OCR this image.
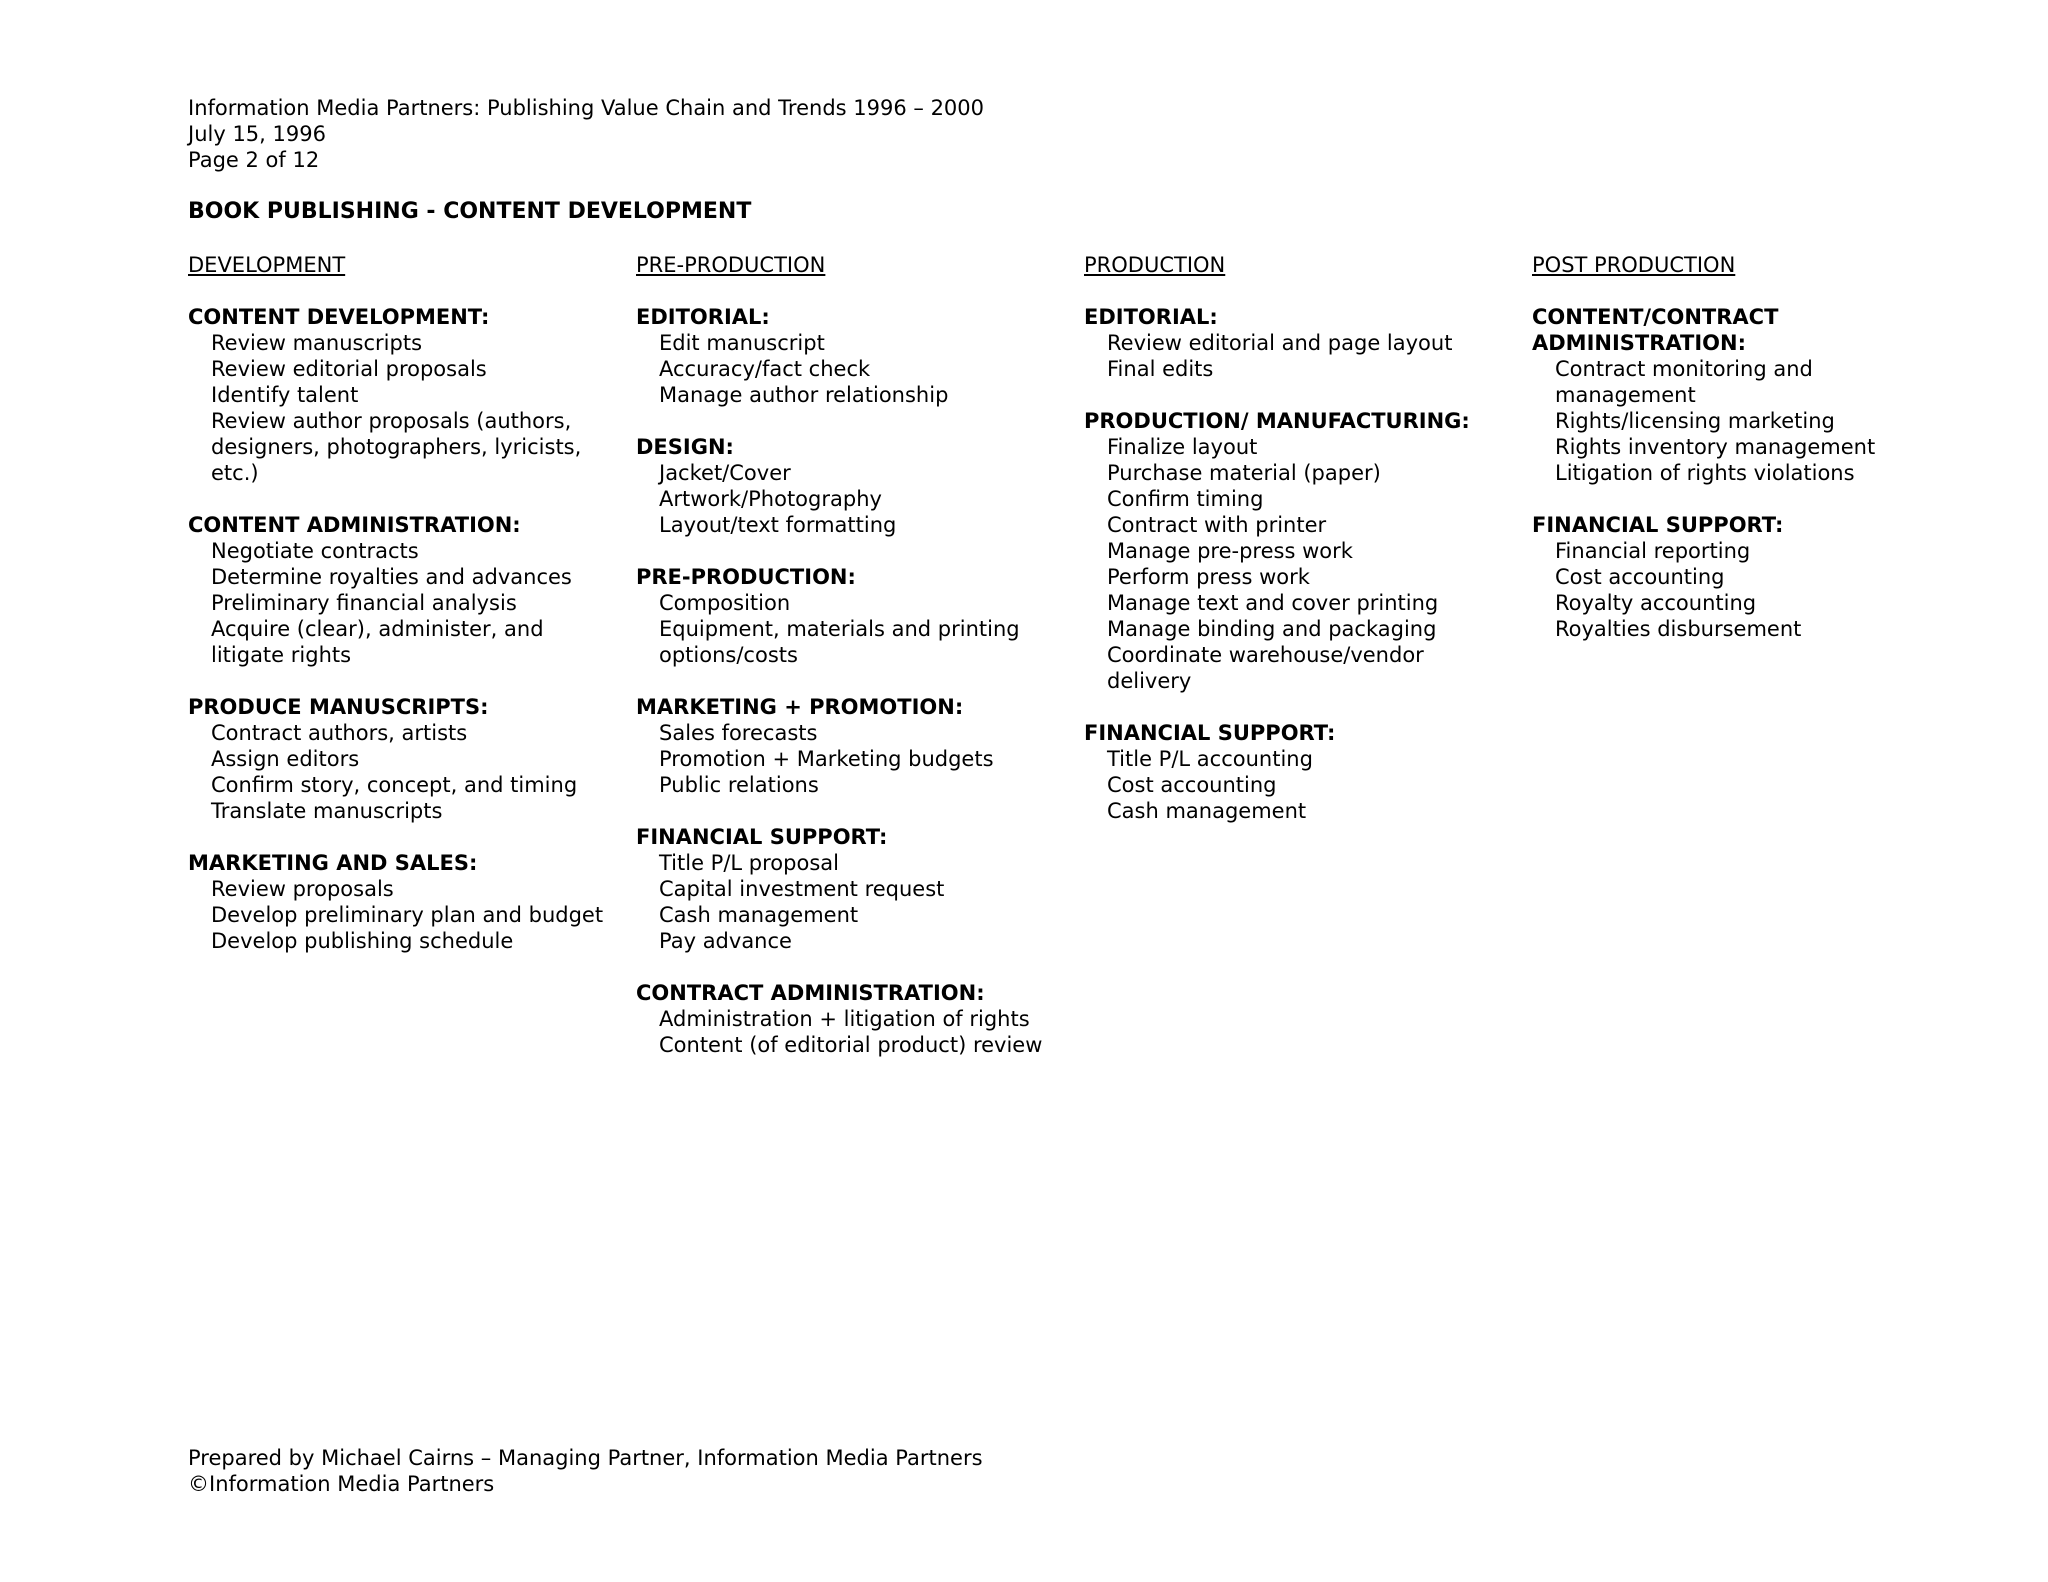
Information Media Partners: Publishing Value Chain and Trends 1996 – 2000
July 15, 1996
Page 2 of 12
BOOK PUBLISHING - CONTENT DEVELOPMENT
DEVELOPMENT
CONTENT DEVELOPMENT:
Review manuscripts
Review editorial proposals
Identify talent
Review author proposals (authors, designers, photographers, lyricists, etc.)
CONTENT ADMINISTRATION:
Negotiate contracts
Determine royalties and advances
Preliminary financial analysis
Acquire (clear), administer, and litigate rights
PRODUCE MANUSCRIPTS:
Contract authors, artists
Assign editors
Confirm story, concept, and timing
Translate manuscripts
MARKETING AND SALES:
Review proposals
Develop preliminary plan and budget
Develop publishing schedule
PRE-PRODUCTION
EDITORIAL:
Edit manuscript
Accuracy/fact check
Manage author relationship
DESIGN:
Jacket/Cover
Artwork/Photography
Layout/text formatting
PRE-PRODUCTION:
Composition
Equipment, materials and printing options/costs
MARKETING + PROMOTION:
Sales forecasts
Promotion + Marketing budgets
Public relations
FINANCIAL SUPPORT:
Title P/L proposal
Capital investment request
Cash management
Pay advance
CONTRACT ADMINISTRATION:
Administration + litigation of rights
Content (of editorial product) review
PRODUCTION
EDITORIAL:
Review editorial and page layout
Final edits
PRODUCTION/ MANUFACTURING:
Finalize layout
Purchase material (paper)
Confirm timing
Contract with printer
Manage pre-press work
Perform press work
Manage text and cover printing
Manage binding and packaging
Coordinate warehouse/vendor delivery
FINANCIAL SUPPORT:
Title P/L accounting
Cost accounting
Cash management
POST PRODUCTION
CONTENT/CONTRACT ADMINISTRATION:
Contract monitoring and management
Rights/licensing marketing
Rights inventory management
Litigation of rights violations
FINANCIAL SUPPORT:
Financial reporting
Cost accounting
Royalty accounting
Royalties disbursement
Prepared by Michael Cairns – Managing Partner, Information Media Partners
©Information Media Partners
